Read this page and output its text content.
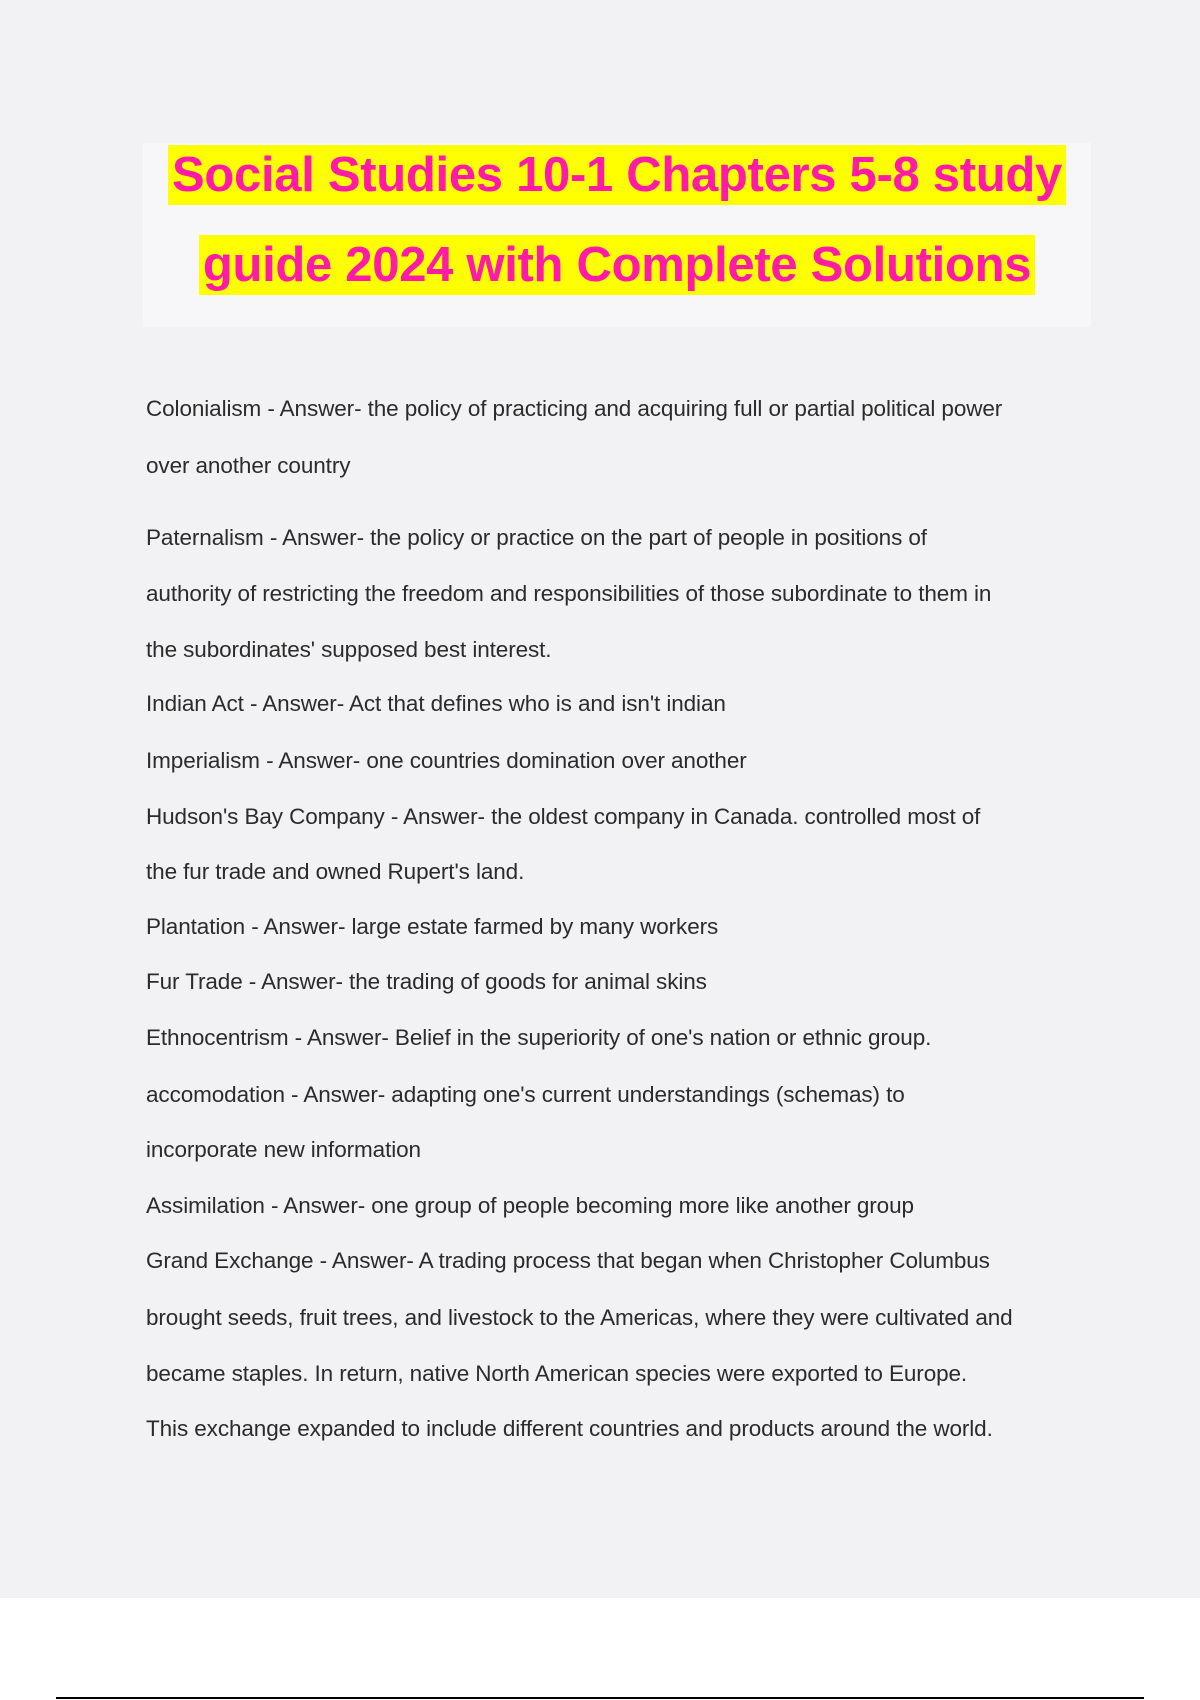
Social Studies 10-1 Chapters 5-8 study
guide 2024 with Complete Solutions
Colonialism - Answer- the policy of practicing and acquiring full or partial political power
over another country
Paternalism - Answer- the policy or practice on the part of people in positions of
authority of restricting the freedom and responsibilities of those subordinate to them in
the subordinates' supposed best interest.
Indian Act - Answer- Act that defines who is and isn't indian
Imperialism - Answer- one countries domination over another
Hudson's Bay Company - Answer- the oldest company in Canada. controlled most of
the fur trade and owned Rupert's land.
Plantation - Answer- large estate farmed by many workers
Fur Trade - Answer- the trading of goods for animal skins
Ethnocentrism - Answer- Belief in the superiority of one's nation or ethnic group.
accomodation - Answer- adapting one's current understandings (schemas) to
incorporate new information
Assimilation - Answer- one group of people becoming more like another group
Grand Exchange - Answer- A trading process that began when Christopher Columbus
brought seeds, fruit trees, and livestock to the Americas, where they were cultivated and
became staples. In return, native North American species were exported to Europe.
This exchange expanded to include different countries and products around the world.
